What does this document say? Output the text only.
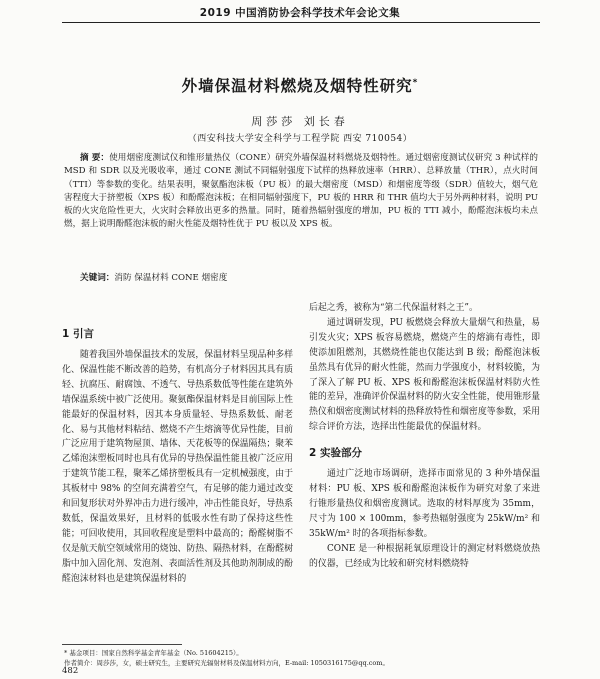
2019 中国消防协会科学技术年会论文集
外墙保温材料燃烧及烟特性研究*
周莎莎 刘长春
（西安科技大学安全科学与工程学院 西安 710054）
摘 要：使用烟密度测试仪和锥形量热仪（CONE）研究外墙保温材料燃烧及烟特性。通过烟密度测试仪研究 3 种试样的 MSD 和 SDR 以及光吸收率，通过 CONE 测试不同辐射强度下试样的热释放速率（HRR）、总释放量（THR），点火时间（TTI）等参数的变化。结果表明，聚氨酯泡沫板（PU 板）的最大烟密度（MSD）和烟密度等级（SDR）值较大，烟气危害程度大于挤塑板（XPS 板）和酚醛泡沫板；在相同辐射强度下，PU 板的 HRR 和 THR 值均大于另外两种材料，说明 PU 板的火灾危险性更大，火灾时会释放出更多的热量。同时，随着热辐射强度的增加，PU 板的 TTI 减小，酚醛泡沫板均未点燃，据上说明酚醛泡沫板的耐火性能及烟特性优于 PU 板以及 XPS 板。
关键词：消防 保温材料 CONE 烟密度
1 引言

随着我国外墙保温技术的发展，保温材料呈现品种多样化、保温性能不断改善的趋势，有机高分子材料因其具有质轻、抗腐压、耐腐蚀、不透气、导热系数低等性能在建筑外墙保温系统中被广泛使用。聚氨酯保温材料是目前国际上性能最好的保温材料，因其本身质量轻、导热系数低、耐老化、易与其他材料粘结、燃烧不产生熔滴等优异性能，目前广泛应用于建筑物屋顶、墙体、天花板等的保温隔热；聚苯乙烯泡沫塑板同时也具有优异的导热保温性能且被广泛应用于建筑节能工程，聚苯乙烯挤塑板具有一定机械强度，由于其板材中 98% 的空间充满着空气，有足够的能力通过改变和回复形状对外界冲击力进行缓冲，冲击性能良好，导热系数低，保温效果好，且材料的低吸水性有助了保持这些性能；可回收使用，其回收程度是塑料中最高的；酚醛树脂不仅是航天航空领域常用的烧蚀、防热、隔热材料，在酚醛树脂中加入固化剂、发泡剂、表面活性剂及其他助剂制成的酚醛泡沫材料也是建筑保温材料的

后起之秀，被称为“第二代保温材料之王”。

通过调研发现，PU 板燃烧会释放大量烟气和热量，易引发火灾；XPS 板容易燃烧，燃烧产生的熔滴有毒性，即使添加阻燃剂，其燃烧性能也仅能达到 B 级；酚醛泡沫板虽然具有优异的耐火性能，然而力学强度小，材料较脆，为了深入了解 PU 板、XPS 板和酚醛泡沫板保温材料防火性能的差异，准确评价保温材料的防火安全性能，使用锥形量热仪和烟密度测试材料的热释放特性和烟密度等参数，采用综合评价方法，选择出性能最优的保温材料。

2 实验部分

通过广泛地市场调研，选择市面常见的 3 种外墙保温材料：PU 板、XPS 板和酚醛泡沫板作为研究对象了来进行锥形量热仪和烟密度测试。选取的材料厚度为 35mm，尺寸为 100 × 100mm，参考热辐射强度为 25kW/m² 和 35kW/m² 时的各项指标参数。

CONE 是一种根据耗氧原理设计的测定材料燃烧放热的仪器，已经成为比较和研究材料燃烧特

* 基金项目：国家自然科学基金青年基金（No. 51604215）。
作者简介：周莎莎，女，硕士研究生，主要研究光辐射材料及保温材料方向，E-mail: 1050316175@qq.com。
482
